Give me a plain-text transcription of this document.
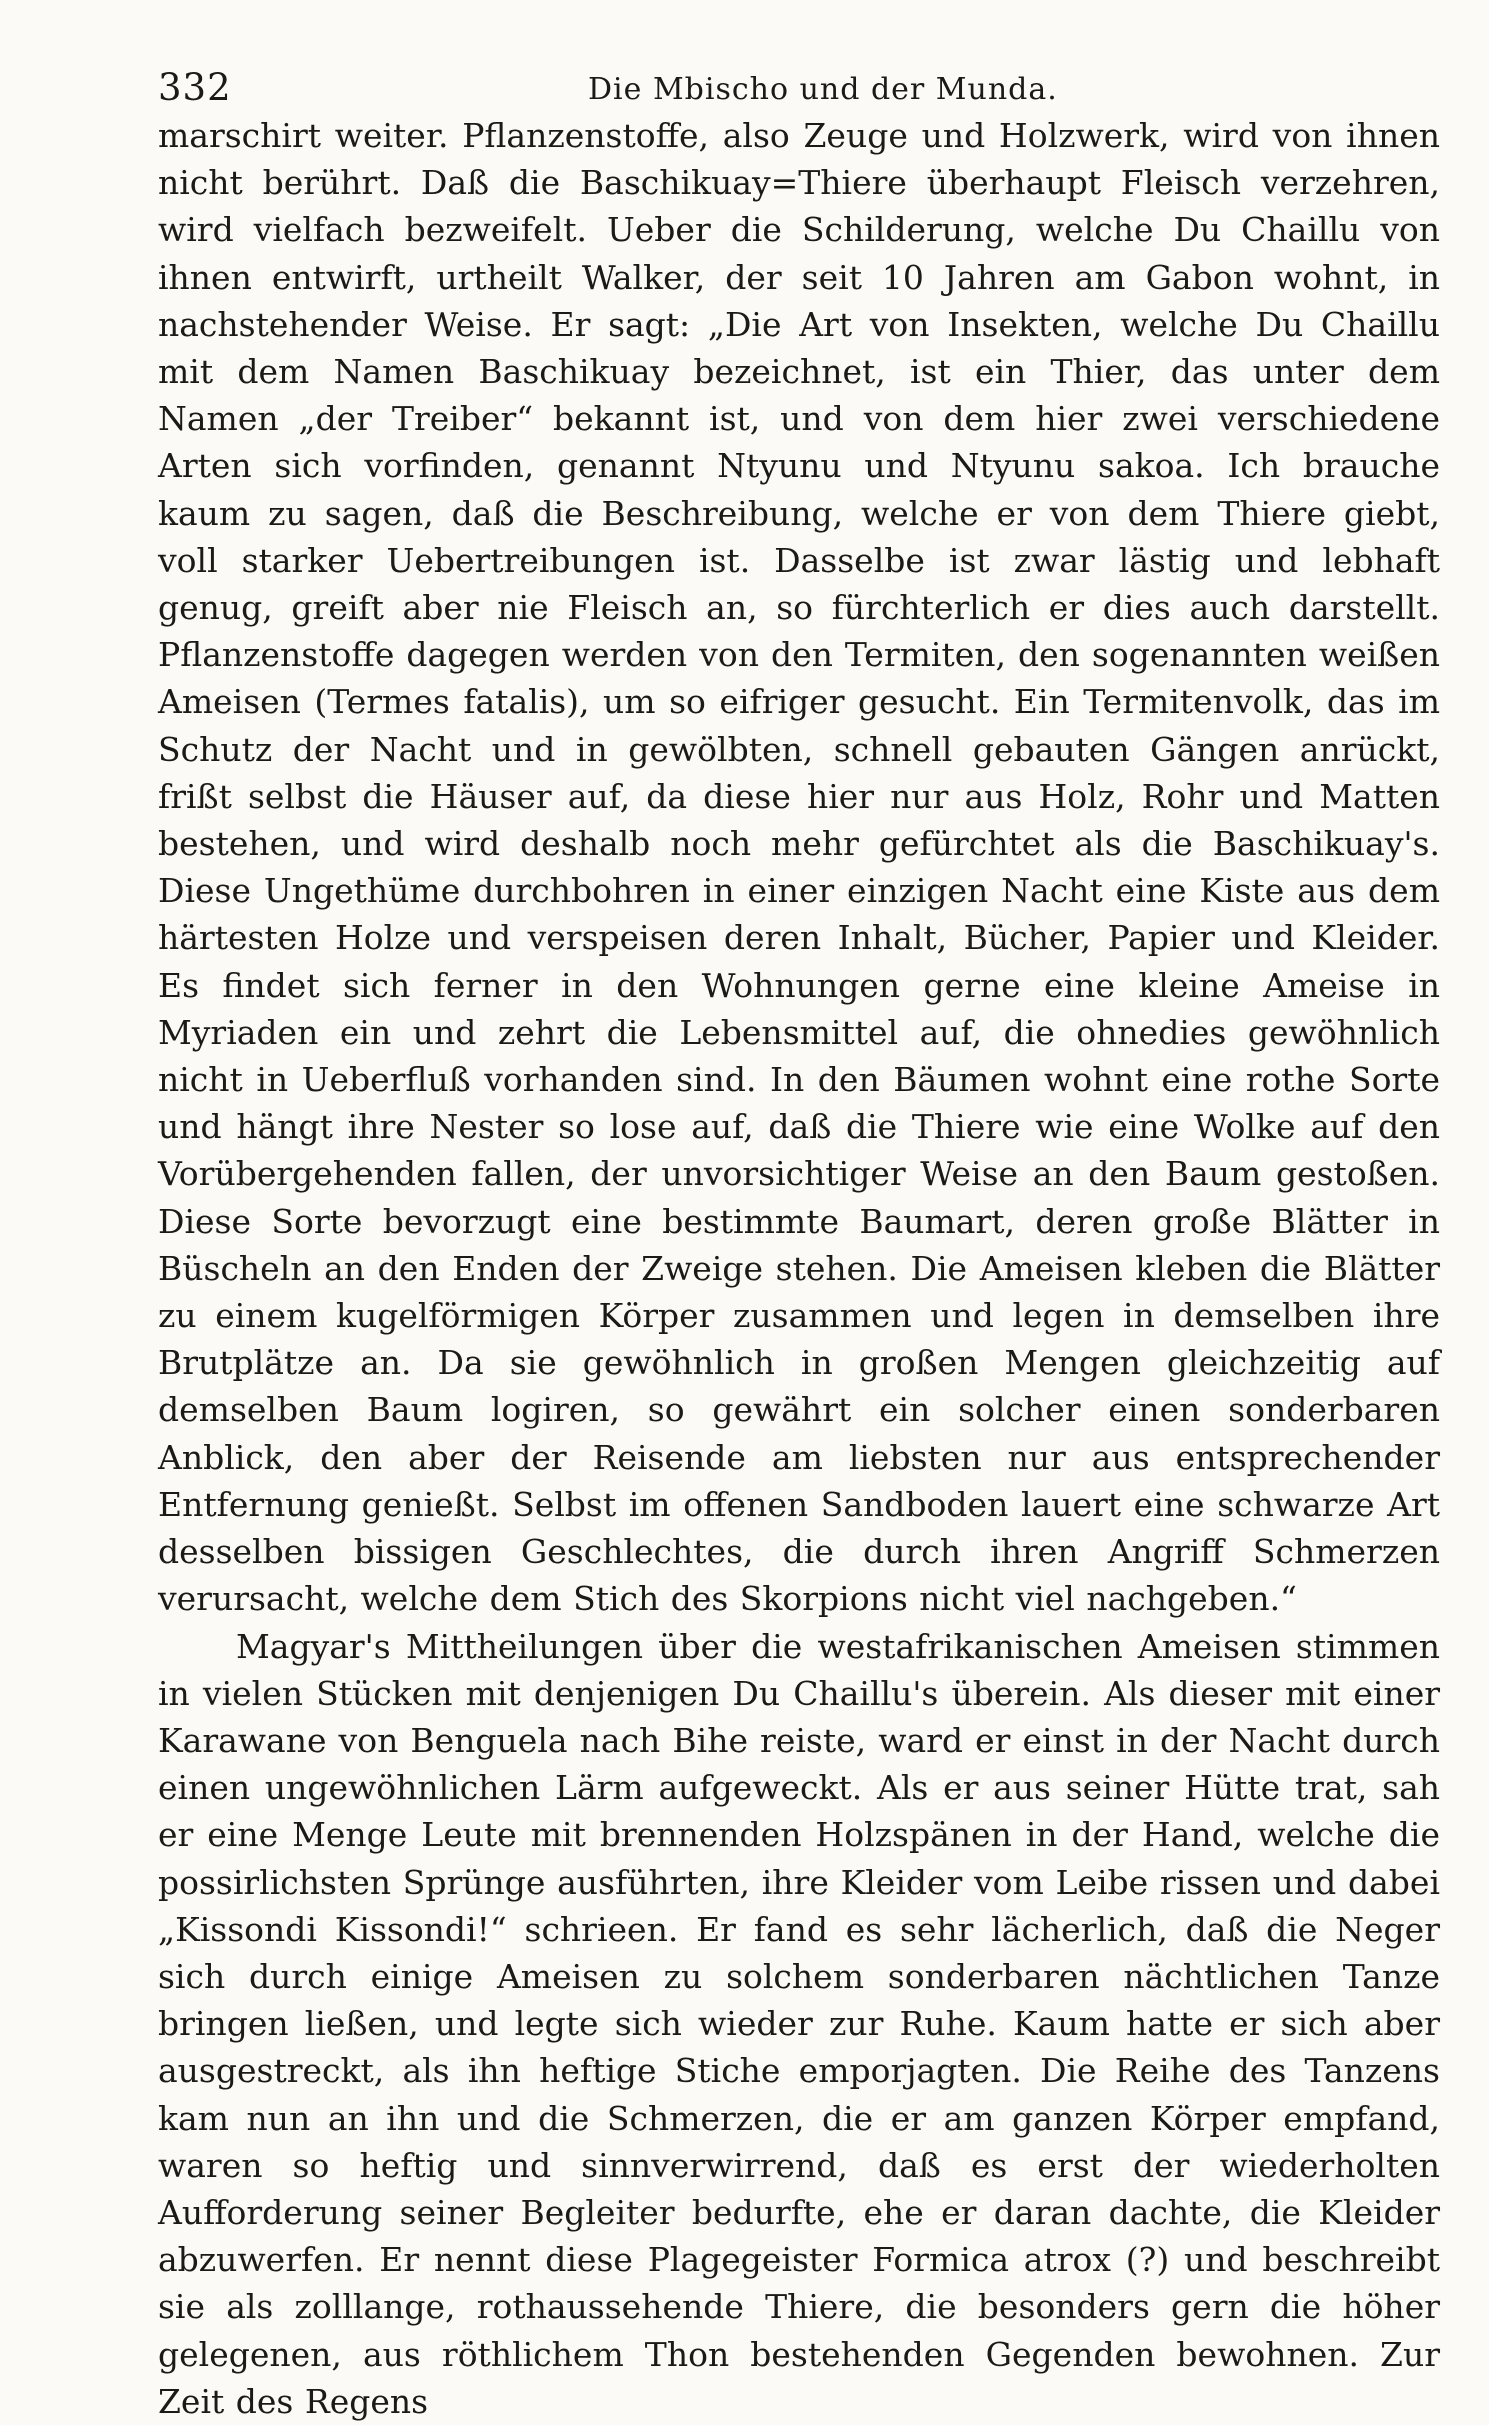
332	Die Mbischo und der Munda.

marschirt weiter. Pflanzenstoffe, also Zeuge und Holzwerk, wird von ihnen nicht berührt. Daß die Baschikuay=Thiere überhaupt Fleisch verzehren, wird vielfach bezweifelt. Ueber die Schilderung, welche Du Chaillu von ihnen entwirft, urtheilt Walker, der seit 10 Jahren am Gabon wohnt, in nachstehender Weise. Er sagt: „Die Art von Insekten, welche Du Chaillu mit dem Namen Baschikuay bezeichnet, ist ein Thier, das unter dem Namen „der Treiber“ bekannt ist, und von dem hier zwei verschiedene Arten sich vorfinden, genannt Ntyunu und Ntyunu sakoa. Ich brauche kaum zu sagen, daß die Beschreibung, welche er von dem Thiere giebt, voll starker Uebertreibungen ist. Dasselbe ist zwar lästig und lebhaft genug, greift aber nie Fleisch an, so fürchterlich er dies auch darstellt. Pflanzenstoffe dagegen werden von den Termiten, den sogenannten weißen Ameisen (Termes fatalis), um so eifriger gesucht. Ein Termitenvolk, das im Schutz der Nacht und in gewölbten, schnell gebauten Gängen anrückt, frißt selbst die Häuser auf, da diese hier nur aus Holz, Rohr und Matten bestehen, und wird deshalb noch mehr gefürchtet als die Baschikuay's. Diese Ungethüme durchbohren in einer einzigen Nacht eine Kiste aus dem härtesten Holze und verspeisen deren Inhalt, Bücher, Papier und Kleider. Es findet sich ferner in den Wohnungen gerne eine kleine Ameise in Myriaden ein und zehrt die Lebensmittel auf, die ohnedies gewöhnlich nicht in Ueberfluß vorhanden sind. In den Bäumen wohnt eine rothe Sorte und hängt ihre Nester so lose auf, daß die Thiere wie eine Wolke auf den Vorübergehenden fallen, der unvorsichtiger Weise an den Baum gestoßen. Diese Sorte bevorzugt eine bestimmte Baumart, deren große Blätter in Büscheln an den Enden der Zweige stehen. Die Ameisen kleben die Blätter zu einem kugelförmigen Körper zusammen und legen in demselben ihre Brutplätze an. Da sie gewöhnlich in großen Mengen gleichzeitig auf demselben Baum logiren, so gewährt ein solcher einen sonderbaren Anblick, den aber der Reisende am liebsten nur aus entsprechender Entfernung genießt. Selbst im offenen Sandboden lauert eine schwarze Art desselben bissigen Geschlechtes, die durch ihren Angriff Schmerzen verursacht, welche dem Stich des Skorpions nicht viel nachgeben.“

Magyar's Mittheilungen über die westafrikanischen Ameisen stimmen in vielen Stücken mit denjenigen Du Chaillu's überein. Als dieser mit einer Karawane von Benguela nach Bihe reiste, ward er einst in der Nacht durch einen ungewöhnlichen Lärm aufgeweckt. Als er aus seiner Hütte trat, sah er eine Menge Leute mit brennenden Holzspänen in der Hand, welche die possirlichsten Sprünge ausführten, ihre Kleider vom Leibe rissen und dabei „Kissondi Kissondi!“ schrieen. Er fand es sehr lächerlich, daß die Neger sich durch einige Ameisen zu solchem sonderbaren nächtlichen Tanze bringen ließen, und legte sich wieder zur Ruhe. Kaum hatte er sich aber ausgestreckt, als ihn heftige Stiche emporjagten. Die Reihe des Tanzens kam nun an ihn und die Schmerzen, die er am ganzen Körper empfand, waren so heftig und sinnverwirrend, daß es erst der wiederholten Aufforderung seiner Begleiter bedurfte, ehe er daran dachte, die Kleider abzuwerfen. Er nennt diese Plagegeister Formica atrox (?) und beschreibt sie als zolllange, rothaussehende Thiere, die besonders gern die höher gelegenen, aus röthlichem Thon bestehenden Gegenden bewohnen. Zur Zeit des Regens
